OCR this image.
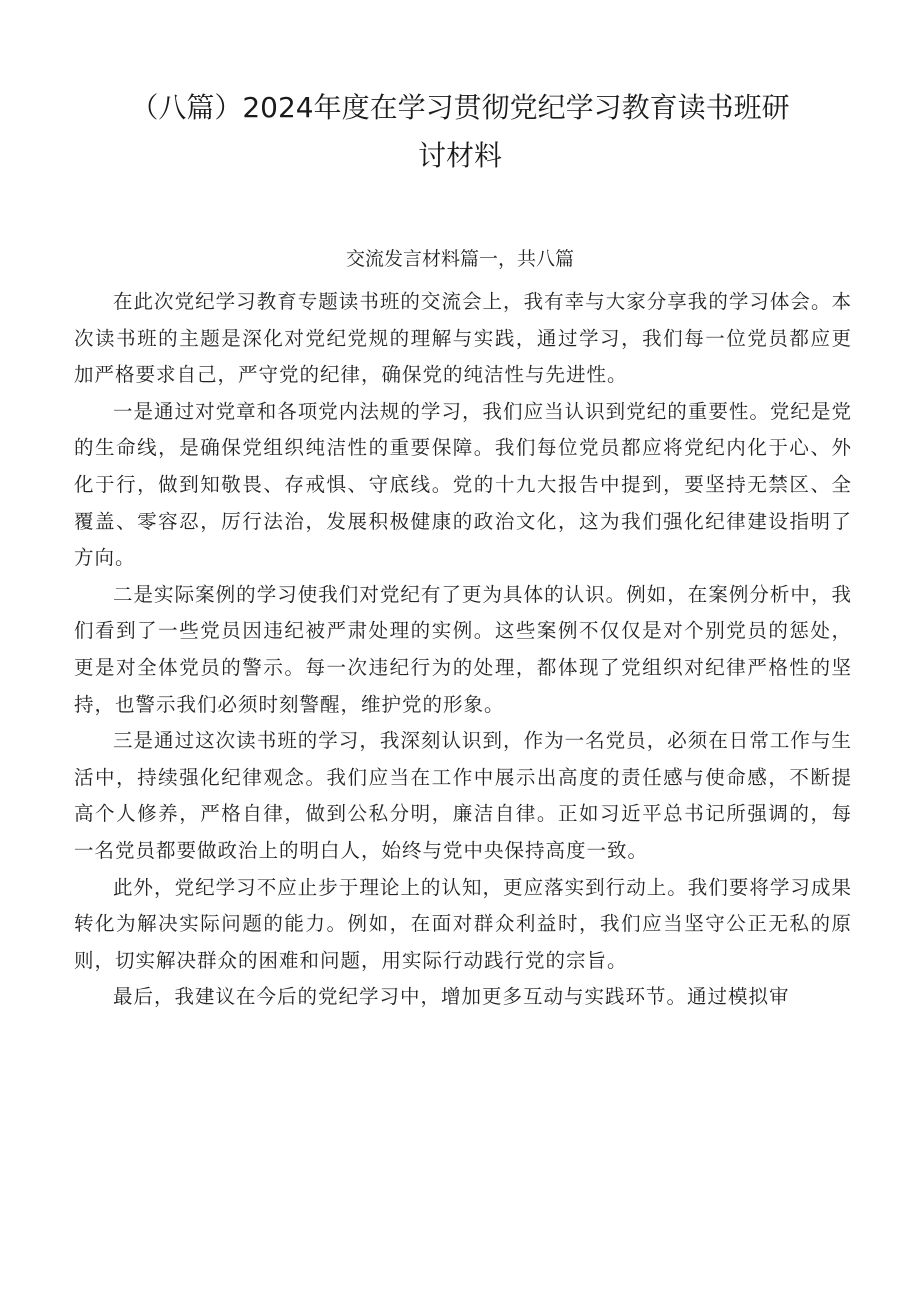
（八篇）2024年度在学习贯彻党纪学习教育读书班研
讨材料

交流发言材料篇一，共八篇

在此次党纪学习教育专题读书班的交流会上，我有幸与大家分享我的学习体会。本次读书班的主题是深化对党纪党规的理解与实践，通过学习，我们每一位党员都应更加严格要求自己，严守党的纪律，确保党的纯洁性与先进性。

一是通过对党章和各项党内法规的学习，我们应当认识到党纪的重要性。党纪是党的生命线，是确保党组织纯洁性的重要保障。我们每位党员都应将党纪内化于心、外化于行，做到知敬畏、存戒惧、守底线。党的十九大报告中提到，要坚持无禁区、全覆盖、零容忍，厉行法治，发展积极健康的政治文化，这为我们强化纪律建设指明了方向。

二是实际案例的学习使我们对党纪有了更为具体的认识。例如，在案例分析中，我们看到了一些党员因违纪被严肃处理的实例。这些案例不仅仅是对个别党员的惩处，更是对全体党员的警示。每一次违纪行为的处理，都体现了党组织对纪律严格性的坚持，也警示我们必须时刻警醒，维护党的形象。

三是通过这次读书班的学习，我深刻认识到，作为一名党员，必须在日常工作与生活中，持续强化纪律观念。我们应当在工作中展示出高度的责任感与使命感，不断提高个人修养，严格自律，做到公私分明，廉洁自律。正如习近平总书记所强调的，每一名党员都要做政治上的明白人，始终与党中央保持高度一致。

此外，党纪学习不应止步于理论上的认知，更应落实到行动上。我们要将学习成果转化为解决实际问题的能力。例如，在面对群众利益时，我们应当坚守公正无私的原则，切实解决群众的困难和问题，用实际行动践行党的宗旨。

最后，我建议在今后的党纪学习中，增加更多互动与实践环节。通过模拟审
